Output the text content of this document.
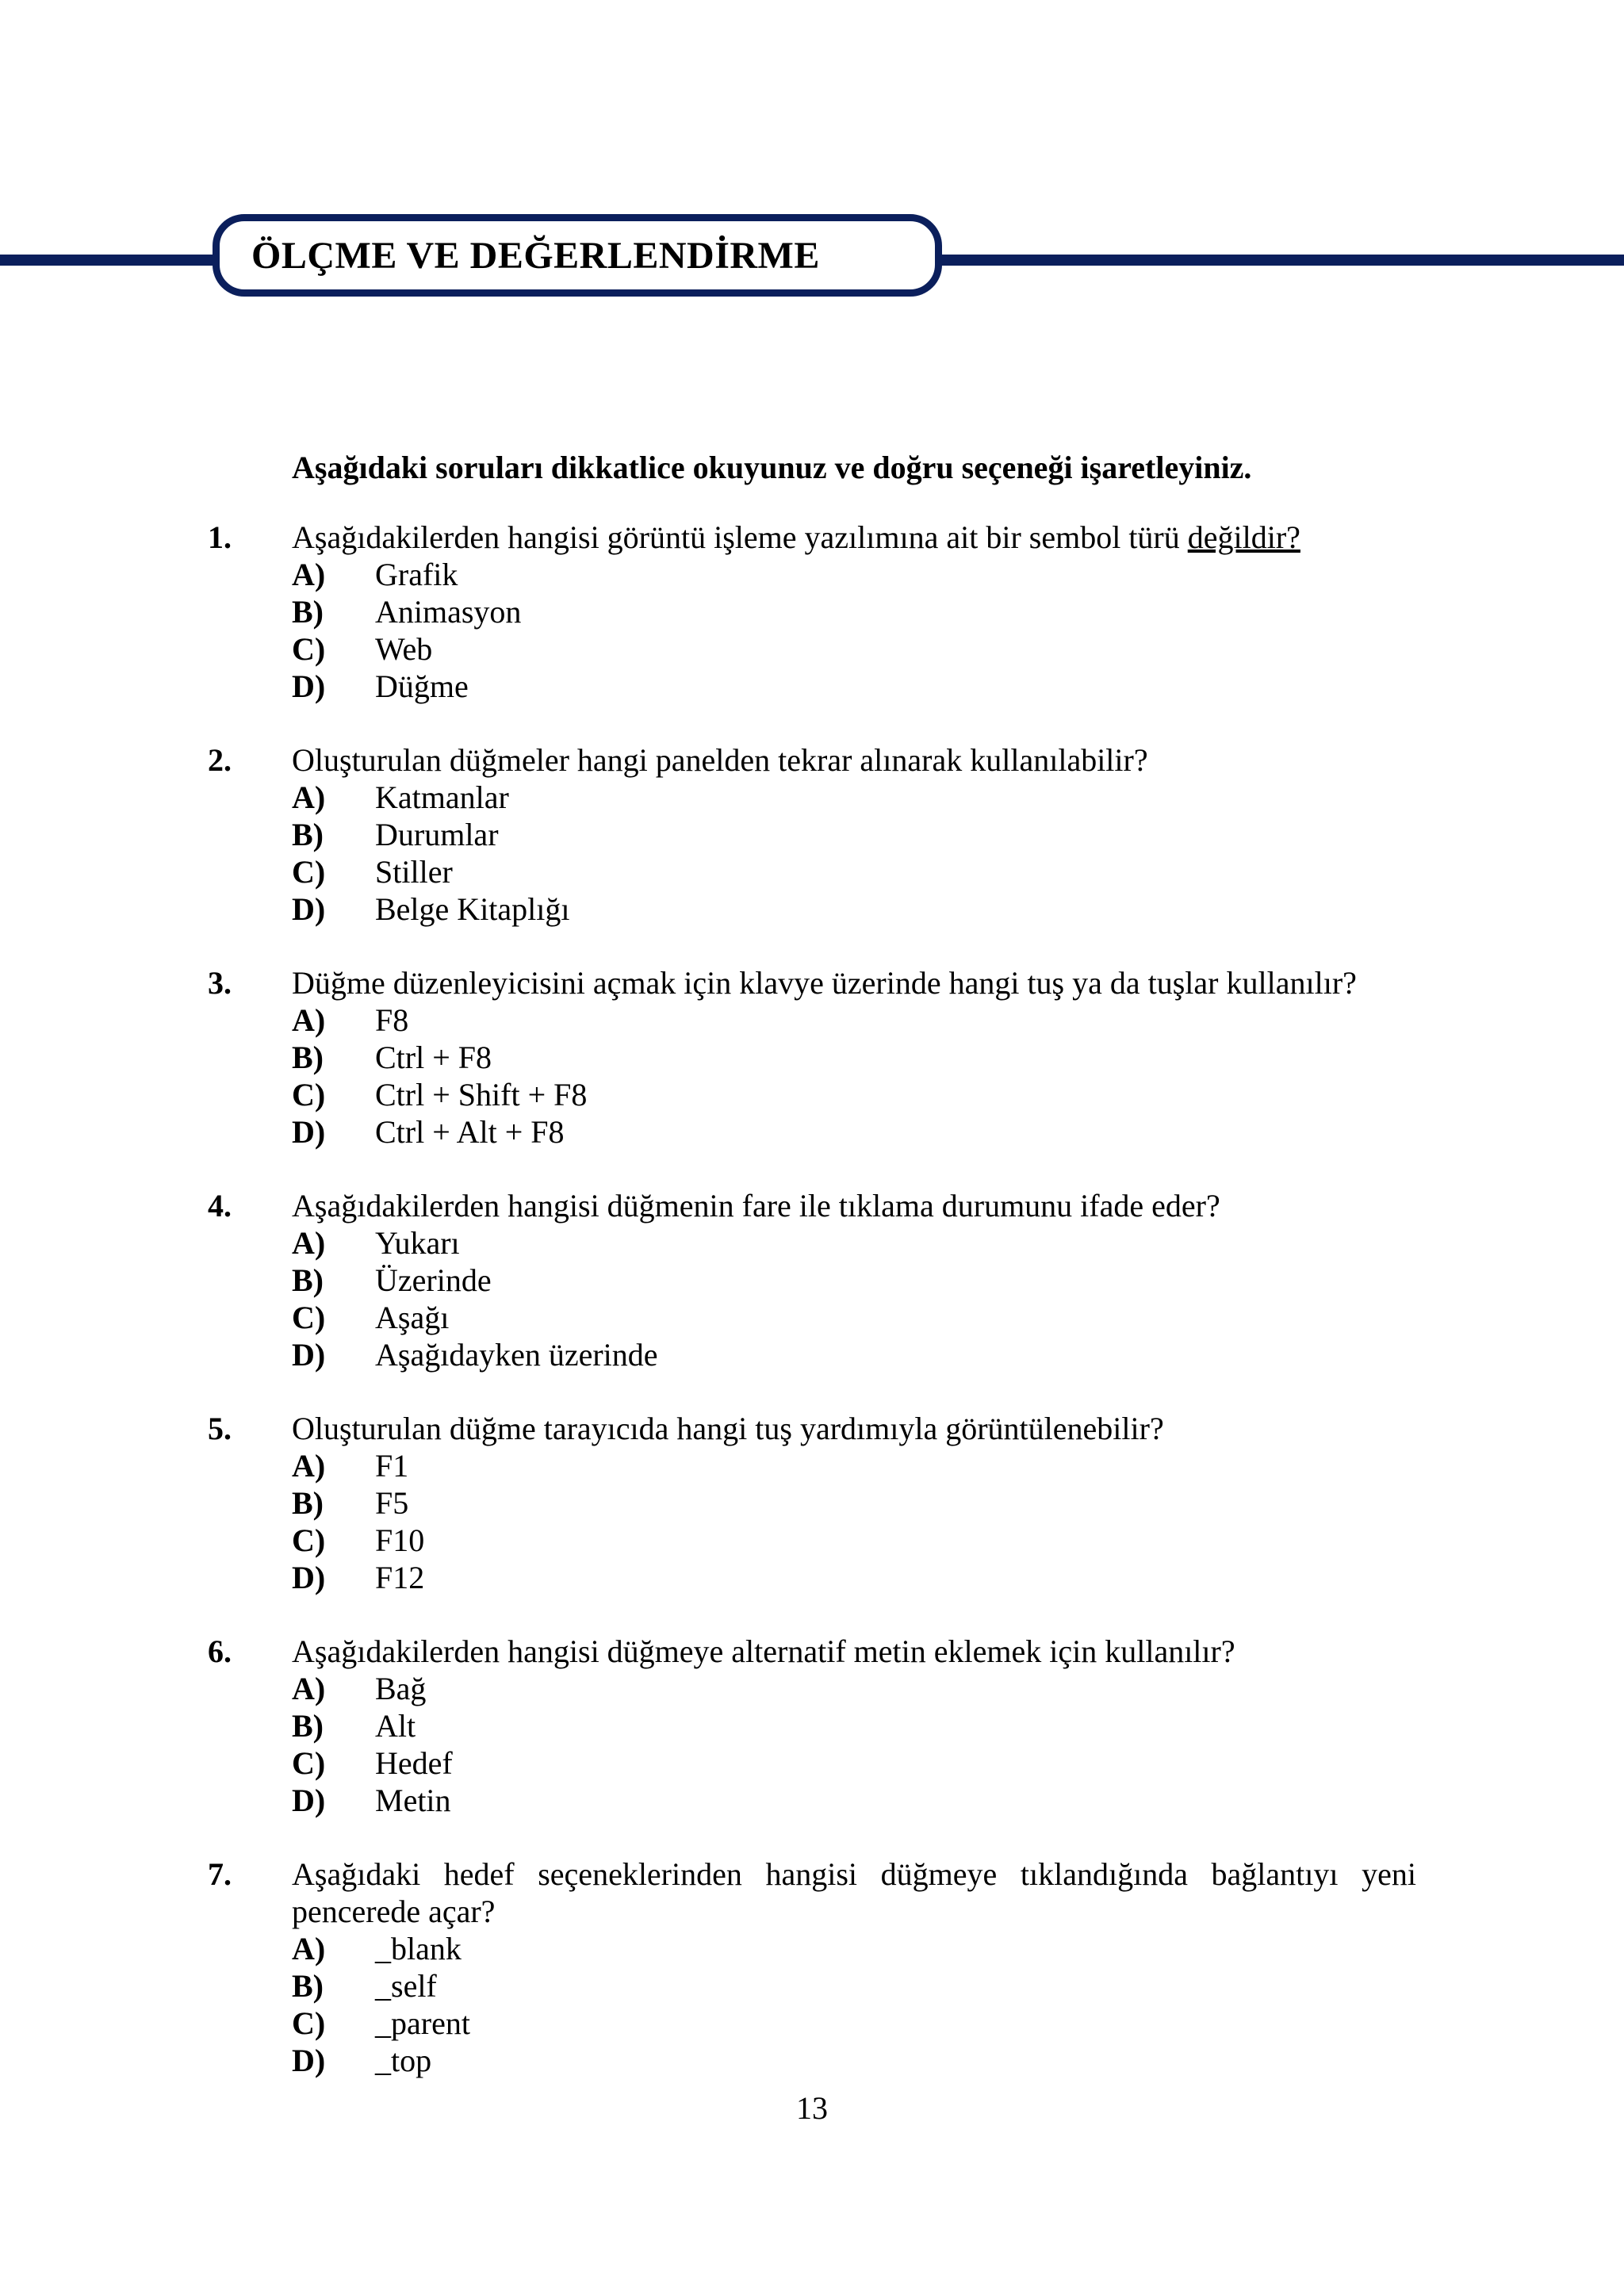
ÖLÇME VE DEĞERLENDİRME
Aşağıdaki soruları dikkatlice okuyunuz ve doğru seçeneği işaretleyiniz.
1. Aşağıdakilerden hangisi görüntü işleme yazılımına ait bir sembol türü değildir?
A) Grafik
B) Animasyon
C) Web
D) Düğme
2. Oluşturulan düğmeler hangi panelden tekrar alınarak kullanılabilir?
A) Katmanlar
B) Durumlar
C) Stiller
D) Belge Kitaplığı
3. Düğme düzenleyicisini açmak için klavye üzerinde hangi tuş ya da tuşlar kullanılır?
A) F8
B) Ctrl + F8
C) Ctrl + Shift + F8
D) Ctrl + Alt + F8
4. Aşağıdakilerden hangisi düğmenin fare ile tıklama durumunu ifade eder?
A) Yukarı
B) Üzerinde
C) Aşağı
D) Aşağıdayken üzerinde
5. Oluşturulan düğme tarayıcıda hangi tuş yardımıyla görüntülenebilir?
A) F1
B) F5
C) F10
D) F12
6. Aşağıdakilerden hangisi düğmeye alternatif metin eklemek için kullanılır?
A) Bağ
B) Alt
C) Hedef
D) Metin
7. Aşağıdaki hedef seçeneklerinden hangisi düğmeye tıklandığında bağlantıyı yeni pencerede açar?
A) _blank
B) _self
C) _parent
D) _top
13
